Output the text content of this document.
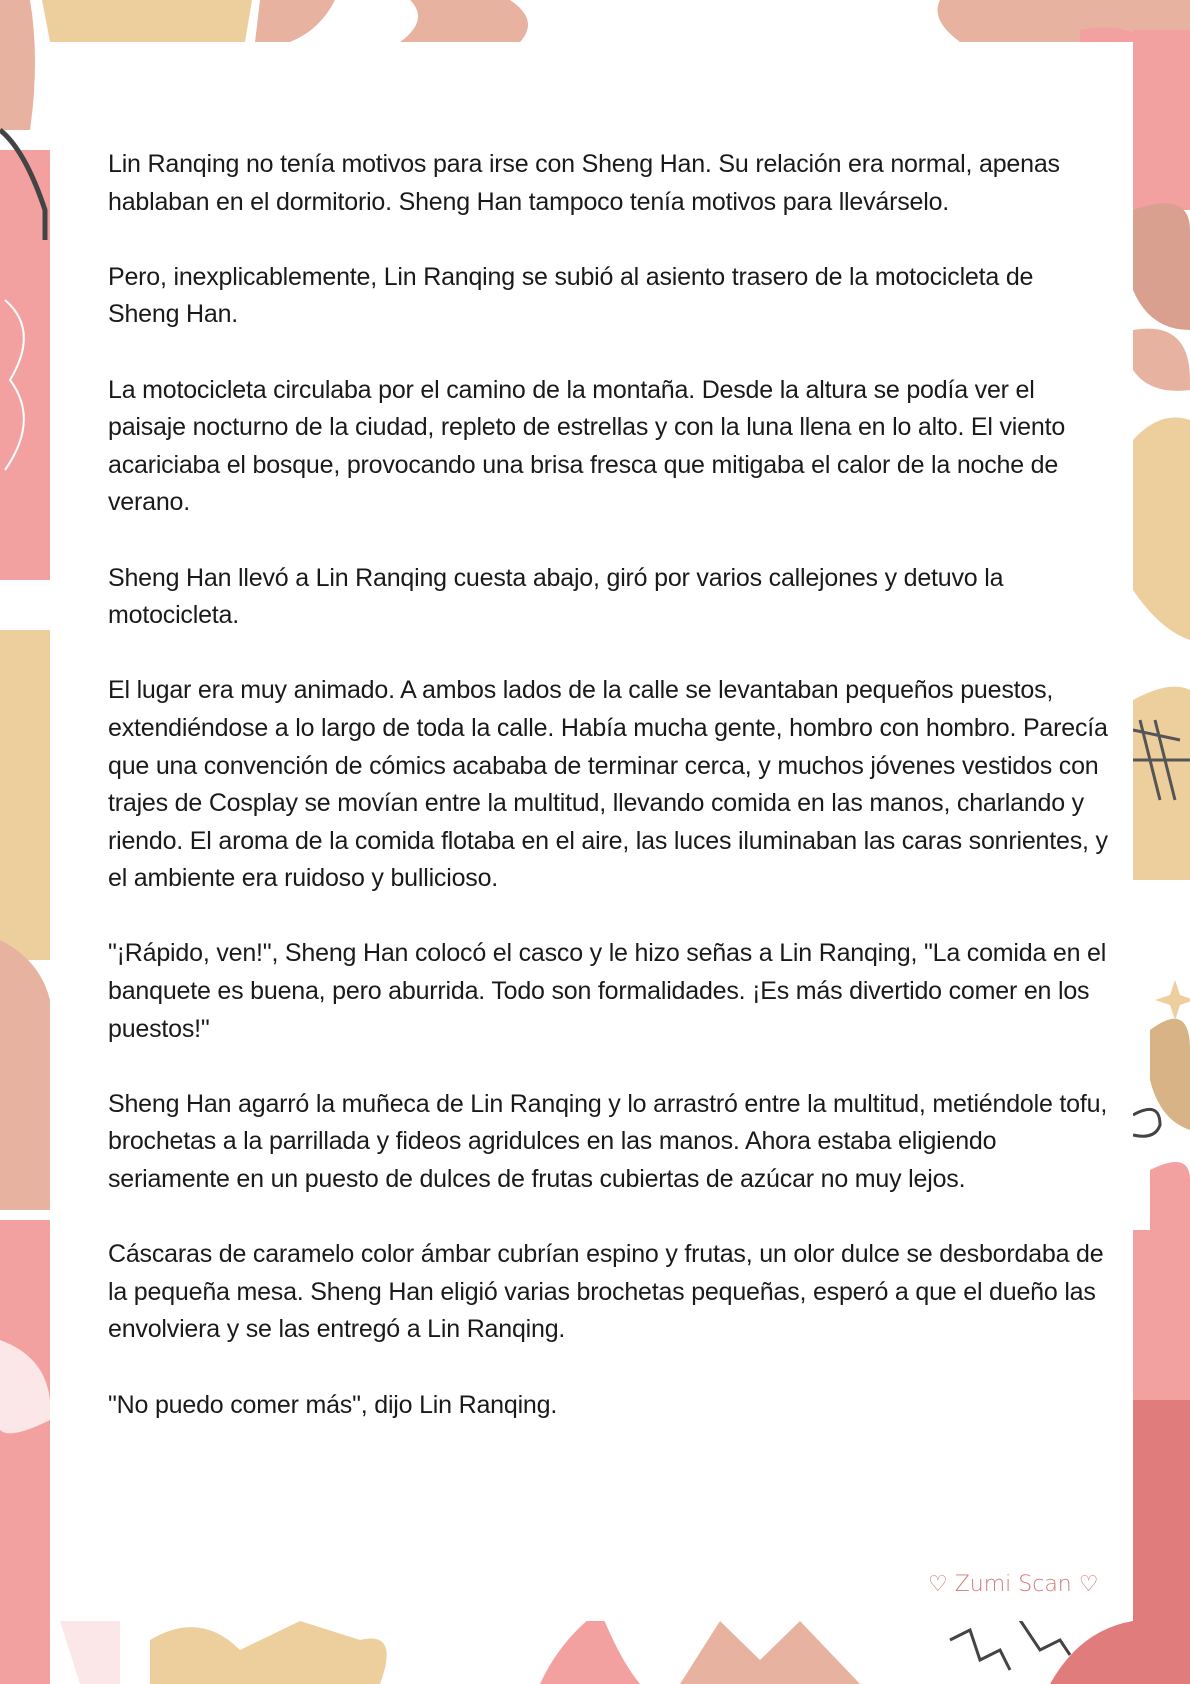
Lin Ranqing no tenía motivos para irse con Sheng Han. Su relación era normal, apenas hablaban en el dormitorio. Sheng Han tampoco tenía motivos para llevárselo.

Pero, inexplicablemente, Lin Ranqing se subió al asiento trasero de la motocicleta de Sheng Han.

La motocicleta circulaba por el camino de la montaña. Desde la altura se podía ver el paisaje nocturno de la ciudad, repleto de estrellas y con la luna llena en lo alto. El viento acariciaba el bosque, provocando una brisa fresca que mitigaba el calor de la noche de verano.

Sheng Han llevó a Lin Ranqing cuesta abajo, giró por varios callejones y detuvo la motocicleta.

El lugar era muy animado. A ambos lados de la calle se levantaban pequeños puestos, extendiéndose a lo largo de toda la calle. Había mucha gente, hombro con hombro. Parecía que una convención de cómics acababa de terminar cerca, y muchos jóvenes vestidos con trajes de Cosplay se movían entre la multitud, llevando comida en las manos, charlando y riendo. El aroma de la comida flotaba en el aire, las luces iluminaban las caras sonrientes, y el ambiente era ruidoso y bullicioso.

"¡Rápido, ven!", Sheng Han colocó el casco y le hizo señas a Lin Ranqing, "La comida en el banquete es buena, pero aburrida. Todo son formalidades. ¡Es más divertido comer en los puestos!"

Sheng Han agarró la muñeca de Lin Ranqing y lo arrastró entre la multitud, metiéndole tofu, brochetas a la parrillada y fideos agridulces en las manos. Ahora estaba eligiendo seriamente en un puesto de dulces de frutas cubiertas de azúcar no muy lejos.

Cáscaras de caramelo color ámbar cubrían espino y frutas, un olor dulce se desbordaba de la pequeña mesa. Sheng Han eligió varias brochetas pequeñas, esperó a que el dueño las envolviera y se las entregó a Lin Ranqing.

"No puedo comer más", dijo Lin Ranqing.

♡ Zumi Scan ♡
